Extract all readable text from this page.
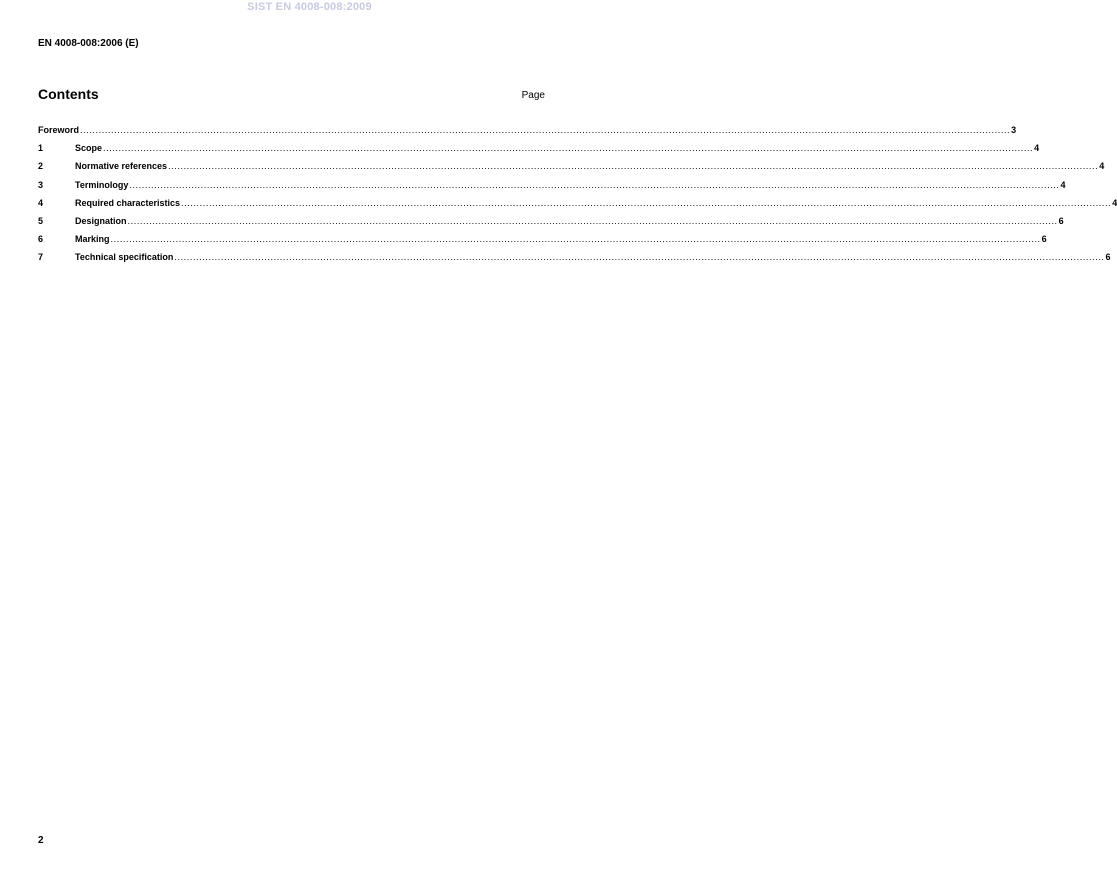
SIST EN 4008-008:2009
EN 4008-008:2006 (E)
Contents	Page
Foreword ............................................................................................................................................................................................................................................................................................................ 3
1	Scope ............................................................................................................................................................................................................................................................................................................ 4
2	Normative references ............................................................................................................................................................................................................................................................................................................ 4
3	Terminology ............................................................................................................................................................................................................................................................................................................ 4
4	Required characteristics ............................................................................................................................................................................................................................................................................................................ 4
5	Designation ............................................................................................................................................................................................................................................................................................................ 6
6	Marking ............................................................................................................................................................................................................................................................................................................ 6
7	Technical specification ............................................................................................................................................................................................................................................................................................................ 6
2
